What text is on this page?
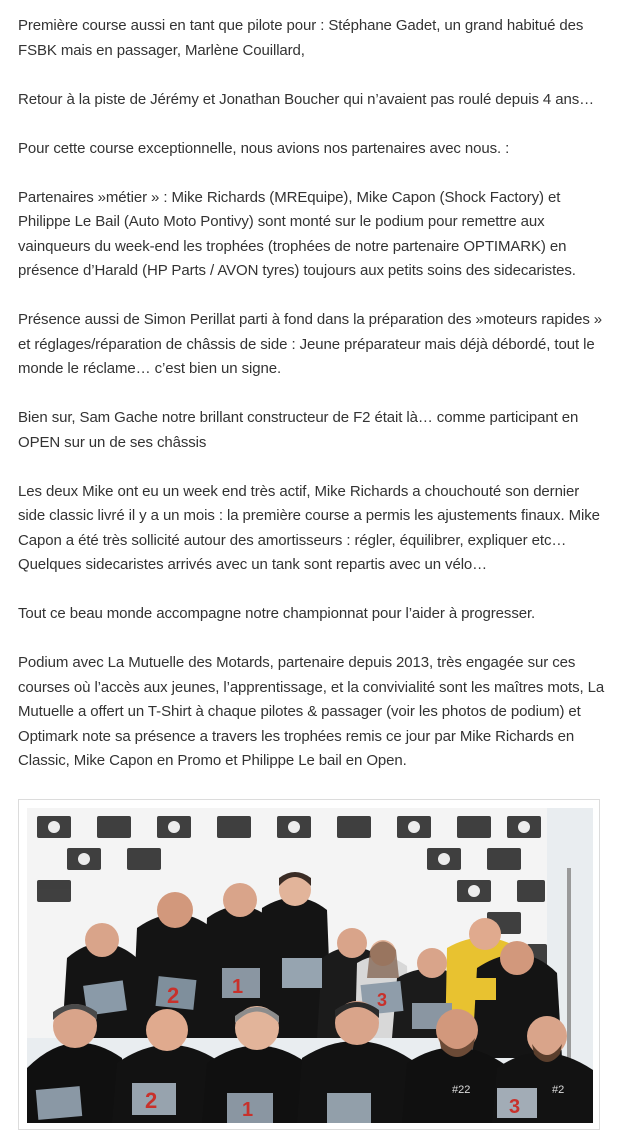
Première course aussi en tant que pilote pour : Stéphane Gadet, un grand habitué des FSBK mais en passager, Marlène Couillard,

Retour à la piste de Jérémy et Jonathan Boucher qui n’avaient pas roulé depuis 4 ans…

Pour cette course exceptionnelle, nous avions nos partenaires avec nous. :

Partenaires »métier » : Mike Richards (MREquipe), Mike Capon (Shock Factory) et Philippe Le Bail (Auto Moto Pontivy) sont monté sur le podium pour remettre aux vainqueurs du week-end les trophées (trophées de notre partenaire OPTIMARK) en présence d’Harald (HP Parts / AVON tyres) toujours aux petits soins des sidecaristes.

Présence aussi de Simon Perillat parti à fond dans la préparation des »moteurs rapides » et réglages/réparation de châssis de side : Jeune préparateur mais déjà débordé, tout le monde le réclame… c’est bien un signe.

Bien sur, Sam Gache notre brillant constructeur de F2 était là… comme participant en OPEN sur un de ses châssis

Les deux Mike ont eu un week end très actif, Mike Richards a chouchouté son dernier side classic livré il y a un mois : la première course a permis les ajustements finaux. Mike Capon a été très sollicité autour des amortisseurs : régler, équilibrer, expliquer etc… Quelques sidecaristes arrivés avec un tank sont repartis avec un vélo…

Tout ce beau monde accompagne notre championnat pour l’aider à progresser.

Podium avec La Mutuelle des Motards, partenaire depuis 2013, très engagée sur ces courses où l’accès aux jeunes, l’apprentissage, et la convivialité sont les maîtres mots, La Mutuelle a offert un T-Shirt à chaque pilotes & passager (voir les photos de podium) et Optimark note sa présence a travers les trophées remis ce jour par Mike Richards en Classic, Mike Capon en Promo et Philippe Le bail en Open.

2	1
3
#22	#2
2	1	3
